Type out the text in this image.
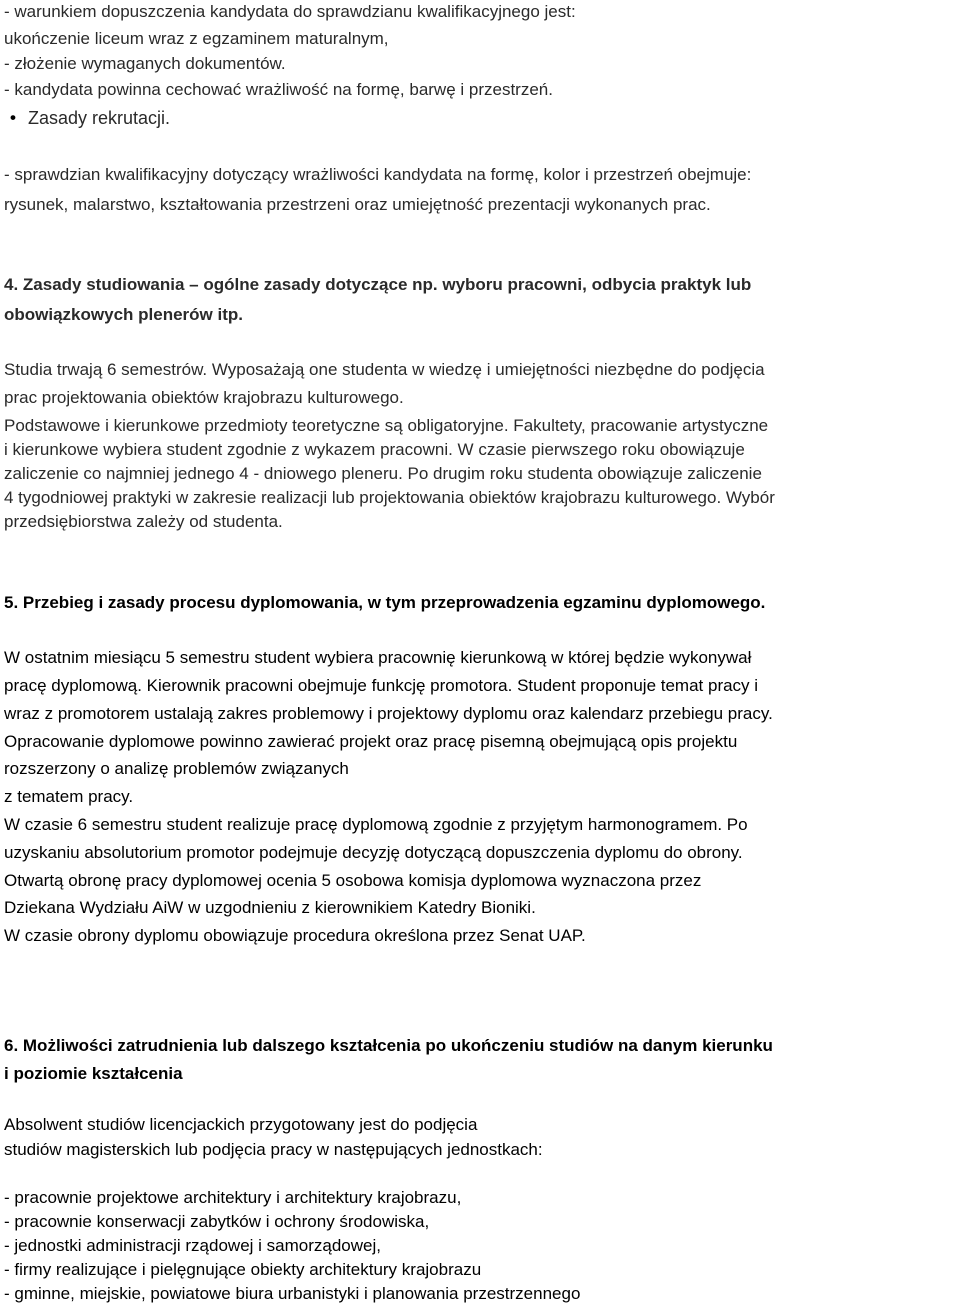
- warunkiem dopuszczenia kandydata do sprawdzianu kwalifikacyjnego jest:
ukończenie liceum wraz z egzaminem maturalnym,
- złożenie wymaganych dokumentów.
- kandydata powinna cechować wrażliwość na formę, barwę i przestrzeń.
• Zasady rekrutacji.
- sprawdzian kwalifikacyjny dotyczący wrażliwości kandydata na formę, kolor i przestrzeń obejmuje:
rysunek, malarstwo, kształtowania przestrzeni oraz umiejętność prezentacji wykonanych prac.
4. Zasady studiowania – ogólne zasady dotyczące np. wyboru pracowni, odbycia praktyk lub
obowiązkowych plenerów itp.
Studia trwają 6 semestrów. Wyposażają one studenta w wiedzę i umiejętności niezbędne do podjęcia
prac projektowania obiektów krajobrazu kulturowego.
Podstawowe i kierunkowe przedmioty teoretyczne są obligatoryjne. Fakultety, pracowanie artystyczne
i kierunkowe wybiera student zgodnie z wykazem pracowni. W czasie pierwszego roku obowiązuje
zaliczenie co najmniej jednego 4 - dniowego pleneru. Po drugim roku studenta obowiązuje zaliczenie
4 tygodniowej praktyki w zakresie realizacji lub projektowania obiektów krajobrazu kulturowego. Wybór
przedsiębiorstwa zależy od studenta.
5. Przebieg i zasady procesu dyplomowania, w tym przeprowadzenia egzaminu dyplomowego.
W ostatnim miesiącu 5 semestru student wybiera pracownię kierunkową w której będzie wykonywał
pracę dyplomową. Kierownik pracowni obejmuje funkcję promotora. Student proponuje temat pracy i
wraz z promotorem ustalają zakres problemowy i projektowy dyplomu oraz kalendarz przebiegu pracy.
Opracowanie dyplomowe powinno zawierać projekt oraz pracę pisemną obejmującą opis projektu
rozszerzony o analizę problemów związanych
z tematem pracy.
W czasie 6 semestru student realizuje pracę dyplomową zgodnie z przyjętym harmonogramem. Po
uzyskaniu absolutorium promotor podejmuje decyzję dotyczącą dopuszczenia dyplomu do obrony.
Otwartą obronę pracy dyplomowej ocenia 5 osobowa komisja dyplomowa wyznaczona przez
Dziekana Wydziału AiW w uzgodnieniu z kierownikiem Katedry Bioniki.
W czasie obrony dyplomu obowiązuje procedura określona przez Senat UAP.
6. Możliwości zatrudnienia lub dalszego kształcenia po ukończeniu studiów na danym kierunku
i poziomie kształcenia
Absolwent studiów licencjackich przygotowany jest do podjęcia
studiów magisterskich lub podjęcia pracy w następujących jednostkach:
- pracownie projektowe architektury i architektury krajobrazu,
- pracownie konserwacji zabytków i ochrony środowiska,
- jednostki administracji rządowej i samorządowej,
- firmy realizujące i pielęgnujące obiekty architektury krajobrazu
- gminne, miejskie, powiatowe biura urbanistyki i planowania przestrzennego
